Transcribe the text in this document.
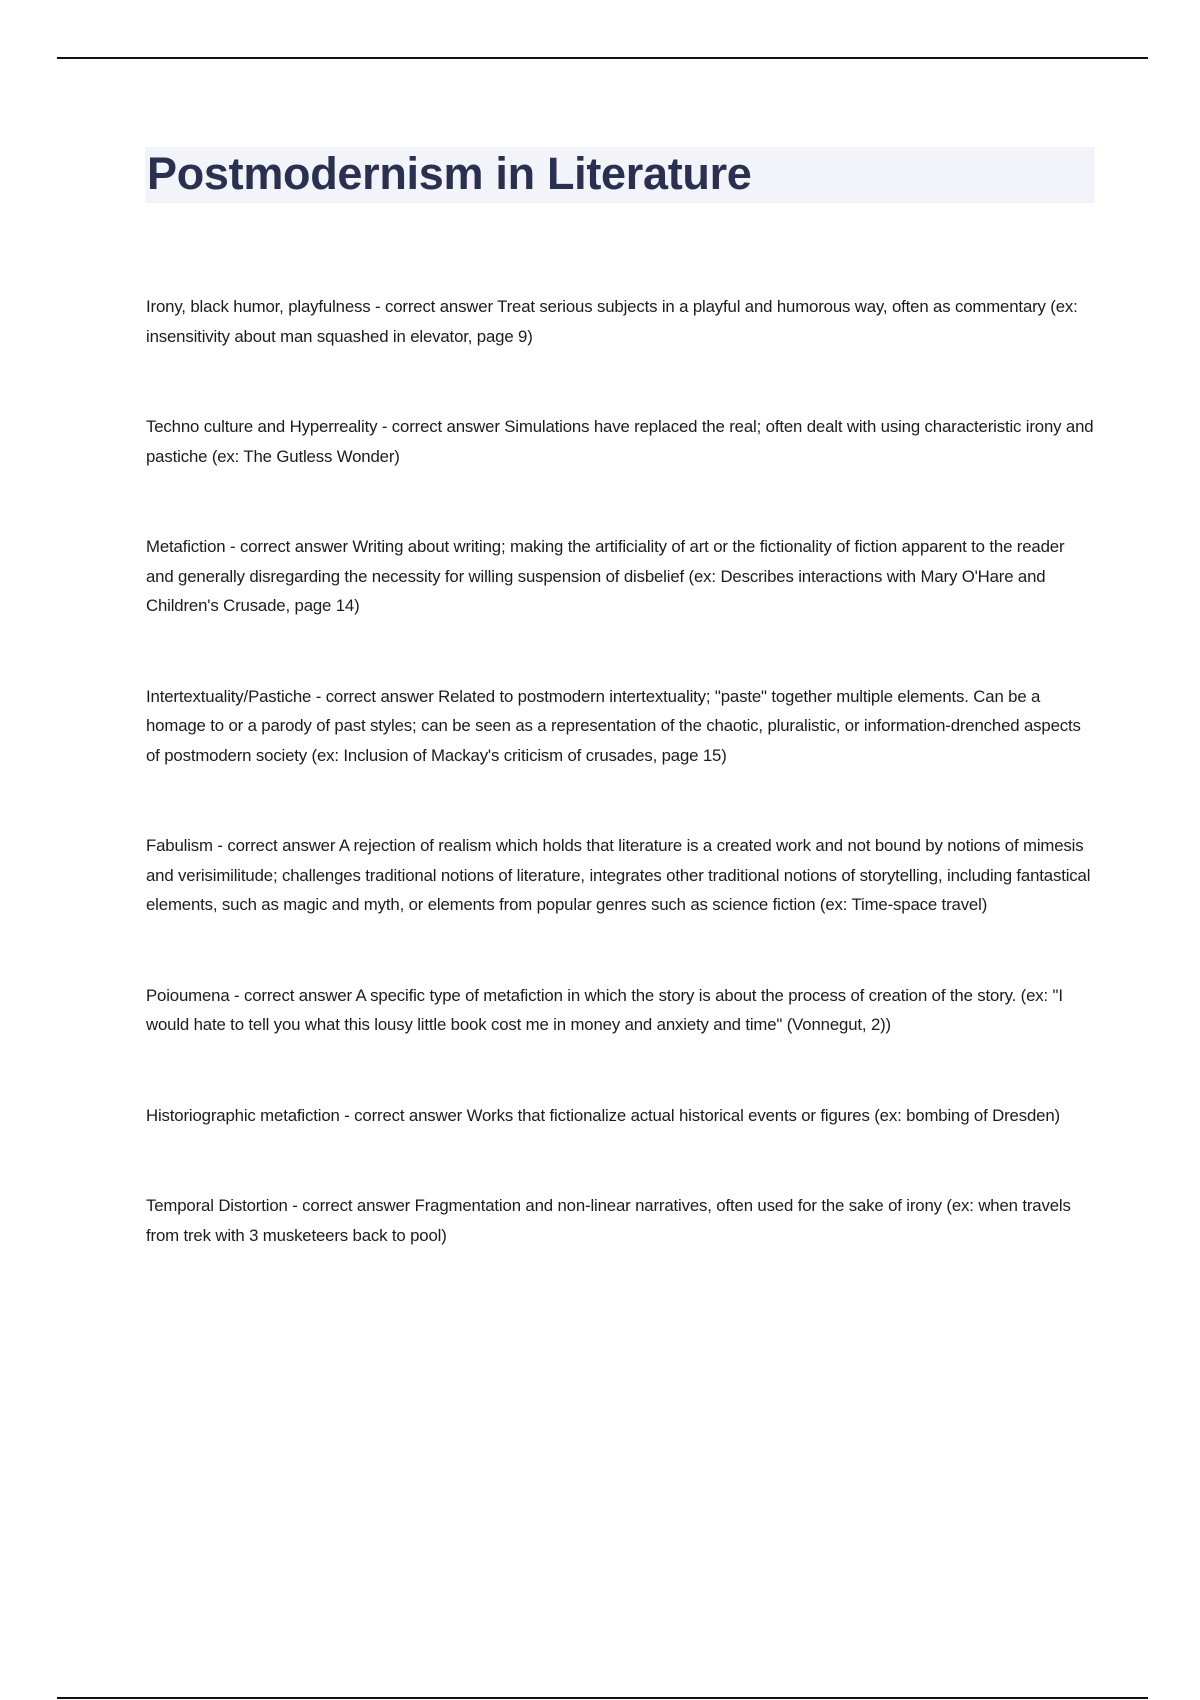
Postmodernism in Literature

Irony, black humor, playfulness - correct answer Treat serious subjects in a playful and humorous way, often as commentary (ex: insensitivity about man squashed in elevator, page 9)

Techno culture and Hyperreality - correct answer Simulations have replaced the real; often dealt with using characteristic irony and pastiche (ex: The Gutless Wonder)

Metafiction - correct answer Writing about writing; making the artificiality of art or the fictionality of fiction apparent to the reader and generally disregarding the necessity for willing suspension of disbelief (ex: Describes interactions with Mary O'Hare and Children's Crusade, page 14)

Intertextuality/Pastiche - correct answer Related to postmodern intertextuality; "paste" together multiple elements. Can be a homage to or a parody of past styles; can be seen as a representation of the chaotic, pluralistic, or information-drenched aspects of postmodern society (ex: Inclusion of Mackay's criticism of crusades, page 15)

Fabulism - correct answer A rejection of realism which holds that literature is a created work and not bound by notions of mimesis and verisimilitude; challenges traditional notions of literature, integrates other traditional notions of storytelling, including fantastical elements, such as magic and myth, or elements from popular genres such as science fiction (ex: Time-space travel)

Poioumena - correct answer A specific type of metafiction in which the story is about the process of creation of the story. (ex: "I would hate to tell you what this lousy little book cost me in money and anxiety and time" (Vonnegut, 2))

Historiographic metafiction - correct answer Works that fictionalize actual historical events or figures (ex: bombing of Dresden)

Temporal Distortion - correct answer Fragmentation and non-linear narratives, often used for the sake of irony (ex: when travels from trek with 3 musketeers back to pool)
